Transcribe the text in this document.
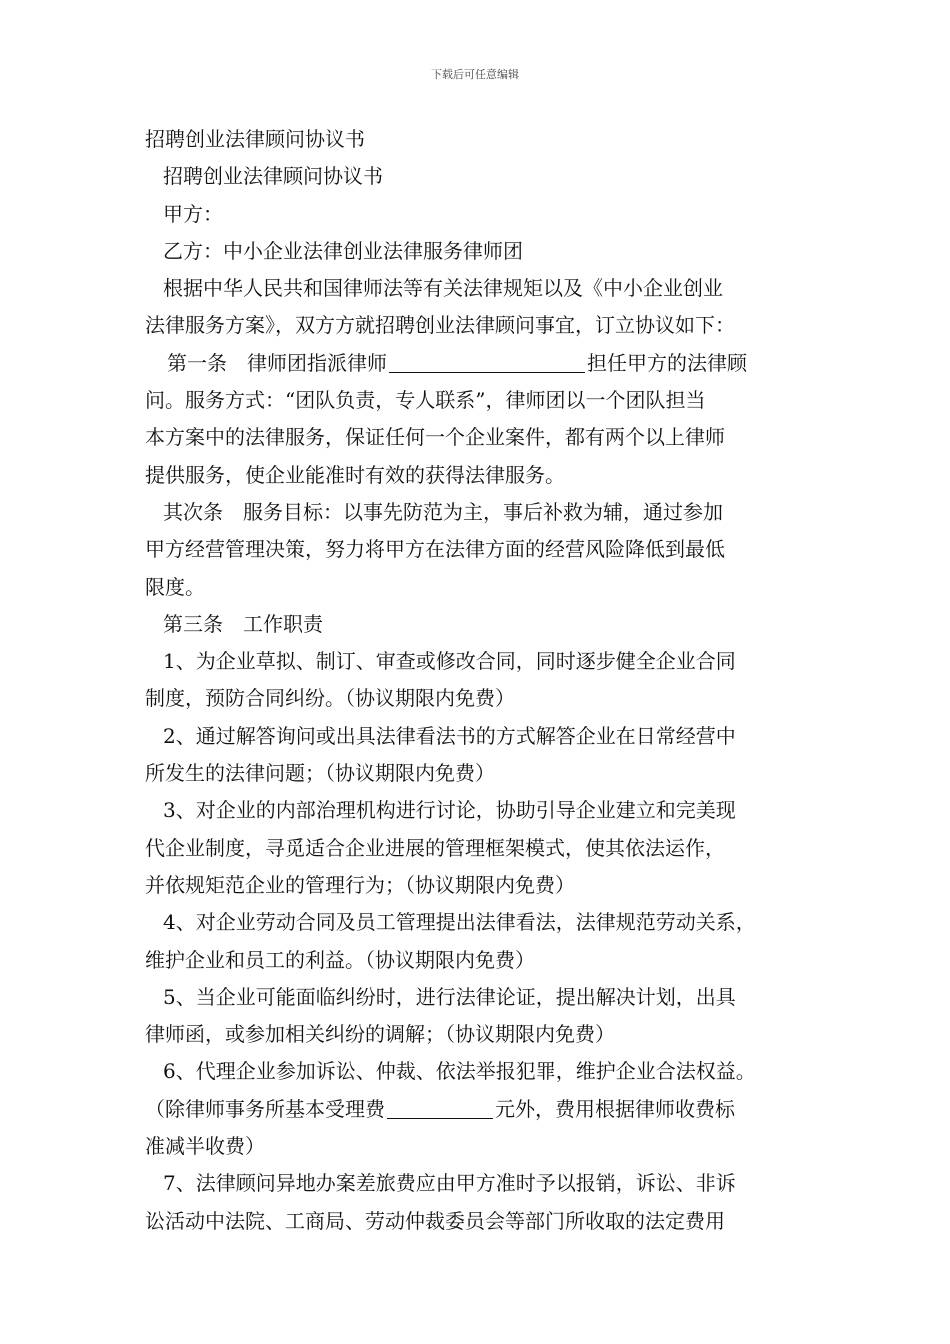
下载后可任意编辑
招聘创业法律顾问协议书
招聘创业法律顾问协议书
甲方：
乙方：中小企业法律创业法律服务律师团
根据中华人民共和国律师法等有关法律规矩以及《中小企业创业
法律服务方案》，双方方就招聘创业法律顾问事宜，订立协议如下：
第一条　律师团指派律师	担任甲方的法律顾
问。服务方式：“团队负责，专人联系”，律师团以一个团队担当
本方案中的法律服务，保证任何一个企业案件，都有两个以上律师
提供服务，使企业能准时有效的获得法律服务。
其次条　服务目标：以事先防范为主，事后补救为辅，通过参加
甲方经营管理决策，努力将甲方在法律方面的经营风险降低到最低
限度。
第三条　工作职责
1、为企业草拟、制订、审查或修改合同，同时逐步健全企业合同
制度，预防合同纠纷。（协议期限内免费）
2、通过解答询问或出具法律看法书的方式解答企业在日常经营中
所发生的法律问题；（协议期限内免费）
3、对企业的内部治理机构进行讨论，协助引导企业建立和完美现
代企业制度，寻觅适合企业进展的管理框架模式，使其依法运作，
并依规矩范企业的管理行为；（协议期限内免费）
4、对企业劳动合同及员工管理提出法律看法，法律规范劳动关系，
维护企业和员工的利益。（协议期限内免费）
5、当企业可能面临纠纷时，进行法律论证，提出解决计划，出具
律师函，或参加相关纠纷的调解；（协议期限内免费）
6、代理企业参加诉讼、仲裁、依法举报犯罪，维护企业合法权益。
（除律师事务所基本受理费	元外，费用根据律师收费标
准减半收费）
7、法律顾问异地办案差旅费应由甲方准时予以报销，诉讼、非诉
讼活动中法院、工商局、劳动仲裁委员会等部门所收取的法定费用
